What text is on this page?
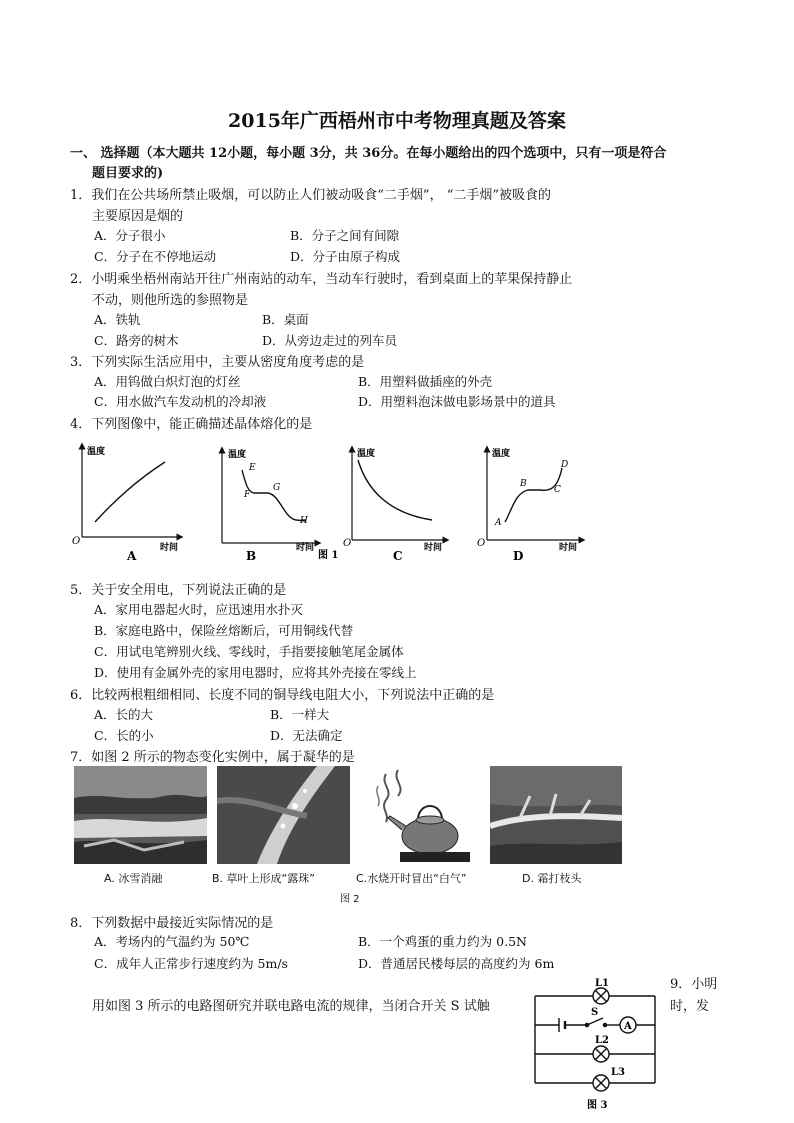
2015年广西梧州市中考物理真题及答案
一、 选择题（本大题共 12小题，每小题 3分，共 36分。在每小题给出的四个选项中，只有一项是符合
题目要求的)
1．我们在公共场所禁止吸烟，可以防止人们被动吸食“二手烟”， “二手烟”被吸食的
主要原因是烟的
A．分子很小	B．分子之间有间隙
C．分子在不停地运动	D．分子由原子构成
2．小明乘坐梧州南站开往广州南站的动车，当动车行驶时，看到桌面上的苹果保持静止
不动，则他所选的参照物是
A．铁轨	B．桌面
C．路旁的树木	D．从旁边走过的列车员
3．下列实际生活应用中，主要从密度角度考虑的是
A．用钨做白炽灯泡的灯丝	B．用塑料做插座的外壳
C．用水做汽车发动机的冷却液	D．用塑料泡沫做电影场景中的道具
4．下列图像中，能正确描述晶体熔化的是
温度
时间
O
A
温度
时间
E
F
G
H
B	图 1
温度
时间
O
C
温度
时间
O
A
B
C
D
D
5．关于安全用电，下列说法正确的是
A．家用电器起火时，应迅速用水扑灭
B．家庭电路中，保险丝熔断后，可用铜线代替
C．用试电笔辨别火线、零线时，手指要接触笔尾金属体
D．使用有金属外壳的家用电器时，应将其外壳接在零线上
6．比较两根粗细相同、长度不同的铜导线电阻大小，下列说法中正确的是
A．长的大	B．一样大
C．长的小	D．无法确定
7．如图 2 所示的物态变化实例中，属于凝华的是
A. 冰雪消融	B. 草叶上形成“露珠”	C.水烧开时冒出“白气”	D. 霜打枝头
图 2
8．下列数据中最接近实际情况的是
A．考场内的气温约为 50℃	B．一个鸡蛋的重力约为 0.5N
C．成年人正常步行速度约为 5m/s	D．普通居民楼每层的高度约为 6m
9．小明
时，发
用如图 3 所示的电路图研究并联电路电流的规律，当闭合开关 S 试触
L1
S
A
L2
L3
图 3
